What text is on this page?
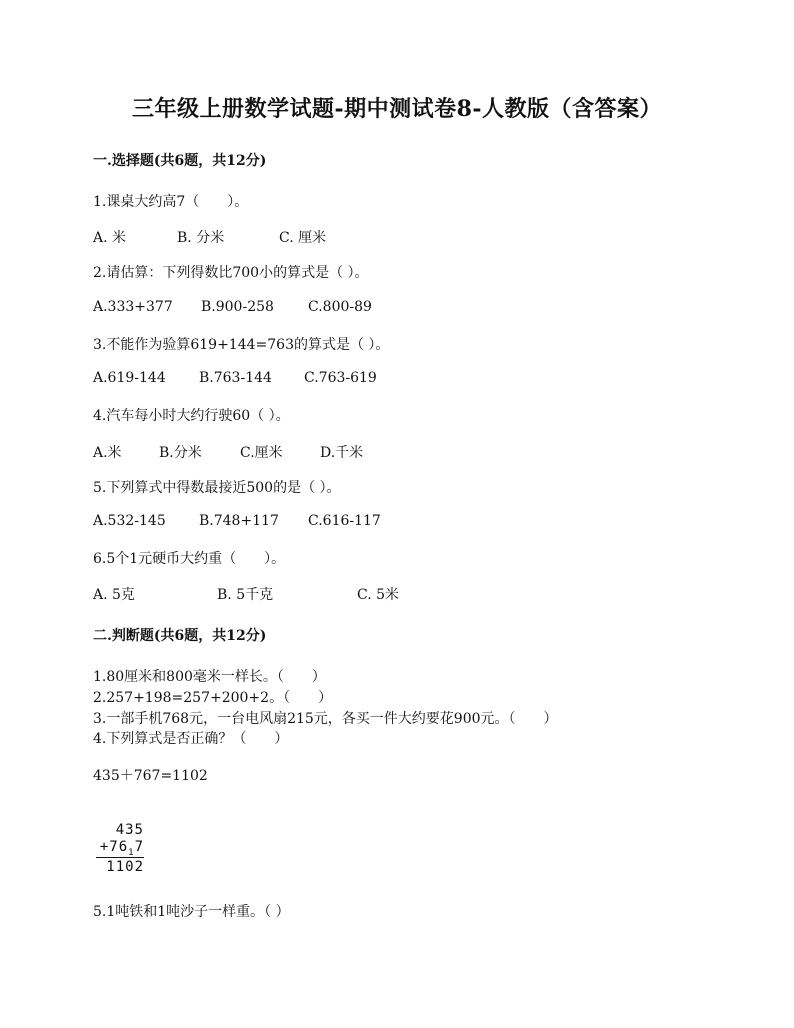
三年级上册数学试题-期中测试卷8-人教版（含答案）
一.选择题(共6题，共12分)
1.课桌大约高7（　　）。
A. 米	B. 分米	C. 厘米
2.请估算：下列得数比700小的算式是（ ）。
A.333+377 B.900-258 C.800-89
3.不能作为验算619+144=763的算式是（ ）。
A.619-144 B.763-144 C.763-619
4.汽车每小时大约行驶60（ ）。
A.米	B.分米	C.厘米	D.千米
5.下列算式中得数最接近500的是（ ）。
A.532-145 B.748+117 C.616-117
6.5个1元硬币大约重（　　）。
A. 5克	B. 5千克	C. 5米
二.判断题(共6题，共12分)
1.80厘米和800毫米一样长。（　　）
2.257+198=257+200+2。（　　）
3.一部手机768元，一台电风扇215元，各买一件大约要花900元。（　　）
4.下列算式是否正确？（　　）
435＋767=1102
435
$+76_17$
1102
5.1吨铁和1吨沙子一样重。（ ）
